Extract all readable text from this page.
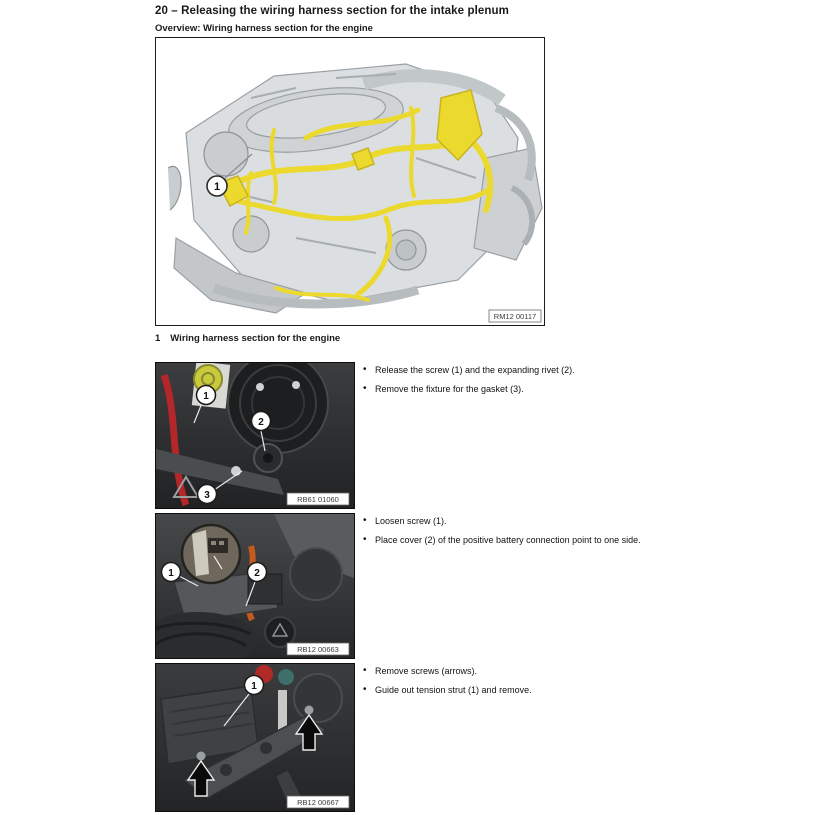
20 – Releasing the wiring harness section for the intake plenum
Overview: Wiring harness section for the engine
1
RM12 00117
1 Wiring harness section for the engine
1
2
3	RB61 01060
• Release the screw (1) and the expanding rivet (2).
• Remove the fixture for the gasket (3).
1	2
RB12 00663
• Loosen screw (1).
• Place cover (2) of the positive battery connection point to one side.
1
RB12 00667
• Remove screws (arrows).
• Guide out tension strut (1) and remove.
